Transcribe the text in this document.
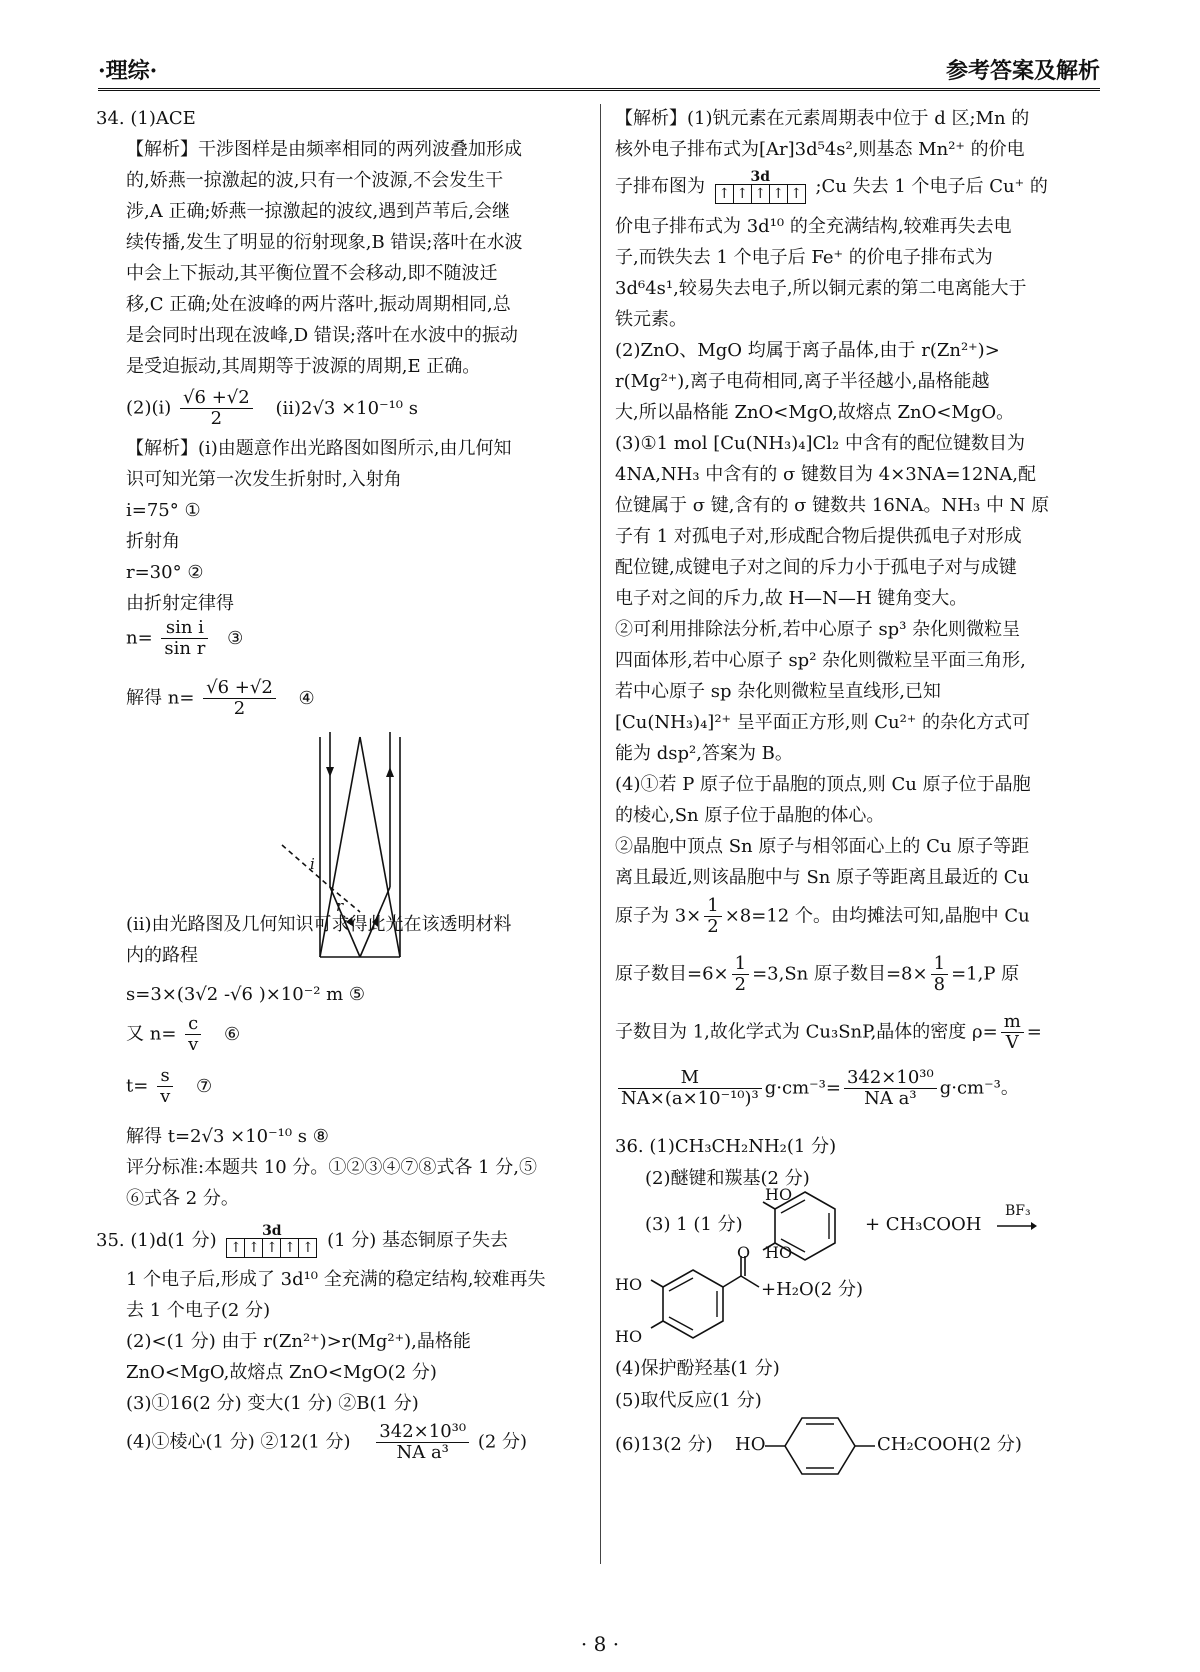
·理综·	参考答案及解析
34. (1)ACE
【解析】干涉图样是由频率相同的两列波叠加形成
的,娇燕一掠激起的波,只有一个波源,不会发生干
涉,A 正确;娇燕一掠激起的波纹,遇到芦苇后,会继
续传播,发生了明显的衍射现象,B 错误;落叶在水波
中会上下振动,其平衡位置不会移动,即不随波迁
移,C 正确;处在波峰的两片落叶,振动周期相同,总
是会同时出现在波峰,D 错误;落叶在水波中的振动
是受迫振动,其周期等于波源的周期,E 正确。
(2)(ⅰ) $\frac{√6 +√2}{2}$ (ⅱ)2√3 ×10⁻¹⁰ s
【解析】(ⅰ)由题意作出光路图如图所示,由几何知
识可知光第一次发生折射时,入射角
i=75° ①
折射角
r=30° ②
由折射定律得
$n= \frac{\text{sin i}}{\text{sin r}}$ ③
解得 $n= \frac{√6 +√2}{2}$ ④
i
r
(ⅱ)由光路图及几何知识可求得此光在该透明材料
内的路程
s=3×(3√2 -√6 )×10⁻² m ⑤
又 $n= \frac{c}{v}$ ⑥
$t= \frac{s}{v}$ ⑦
解得 t=2√3 ×10⁻¹⁰ s ⑧
评分标准:本题共 10 分。①②③④⑦⑧式各 1 分,⑤
⑥式各 2 分。
35. (1)d(1 分)	3d
↑ ↑ ↑ ↑ ↑ (1 分) 基态铜原子失去
1 个电子后,形成了 3d¹⁰ 全充满的稳定结构,较难再失
去 1 个电子(2 分)
(2)<(1 分) 由于 r(Zn²⁺)>r(Mg²⁺),晶格能
ZnO<MgO,故熔点 ZnO<MgO(2 分)
(3)①16(2 分) 变大(1 分) ②B(1 分)
(4)①棱心(1 分) ②12(1 分) $\frac{\text{342×10³⁰}}{\text{NA a³}} (2$ 分)
【解析】(1)钒元素在元素周期表中位于 d 区;Mn 的
核外电子排布式为[Ar]3d⁵4s²,则基态 Mn²⁺ 的价电
子排布图为	3d
↑ ↑ ↑ ↑ ↑ ;Cu 失去 1 个电子后 Cu⁺ 的
价电子排布式为 3d¹⁰ 的全充满结构,较难再失去电
子,而铁失去 1 个电子后 Fe⁺ 的价电子排布式为
3d⁶4s¹,较易失去电子,所以铜元素的第二电离能大于
铁元素。
(2)ZnO、MgO 均属于离子晶体,由于 r(Zn²⁺)>
r(Mg²⁺),离子电荷相同,离子半径越小,晶格能越
大,所以晶格能 ZnO<MgO,故熔点 ZnO<MgO。
(3)①1 mol [Cu(NH₃)₄]Cl₂ 中含有的配位键数目为
4NA,NH₃ 中含有的 σ 键数目为 4×3NA=12NA,配
位键属于 σ 键,含有的 σ 键数共 16NA。NH₃ 中 N 原
子有 1 对孤电子对,形成配合物后提供孤电子对形成
配位键,成键电子对之间的斥力小于孤电子对与成键
电子对之间的斥力,故 H—N—H 键角变大。
②可利用排除法分析,若中心原子 sp³ 杂化则微粒呈
四面体形,若中心原子 sp² 杂化则微粒呈平面三角形,
若中心原子 sp 杂化则微粒呈直线形,已知
[Cu(NH₃)₄]²⁺ 呈平面正方形,则 Cu²⁺ 的杂化方式可
能为 dsp²,答案为 B。
(4)①若 P 原子位于晶胞的顶点,则 Cu 原子位于晶胞
的棱心,Sn 原子位于晶胞的体心。
②晶胞中顶点 Sn 原子与相邻面心上的 Cu 原子等距
离且最近,则该晶胞中与 Sn 原子等距离且最近的 Cu
原子为 $3\times \frac{1}{2} \times 8=12$ 个。由均摊法可知,晶胞中 Cu
原子数目$=6\times \frac{1}{2} =3,Sn$ 原子数目$=8\times \frac{1}{8} =1,P$ 原
子数目为 1,故化学式为 Cu₃SnP,晶体的密度 $\rho= \frac{m}{V}$ =
$\frac{M}{\text{NA×(a×10⁻¹⁰)³}} g\cdot cm^{-3}= \frac{\text{342×10³⁰}}{\text{NA a³}} g\cdot cm^{-3}$。
36. (1)CH₃CH₂NH₂(1 分)
(2)醚键和羰基(2 分)
(3) 1 (1 分)
HO
HO
+ CH₃COOH
BF₃
O
HO
HO
+H₂O(2 分)
(4)保护酚羟基(1 分)
(5)取代反应(1 分)
(6)13(2 分) HO	CH₂COOH(2 分)
· 8 ·
